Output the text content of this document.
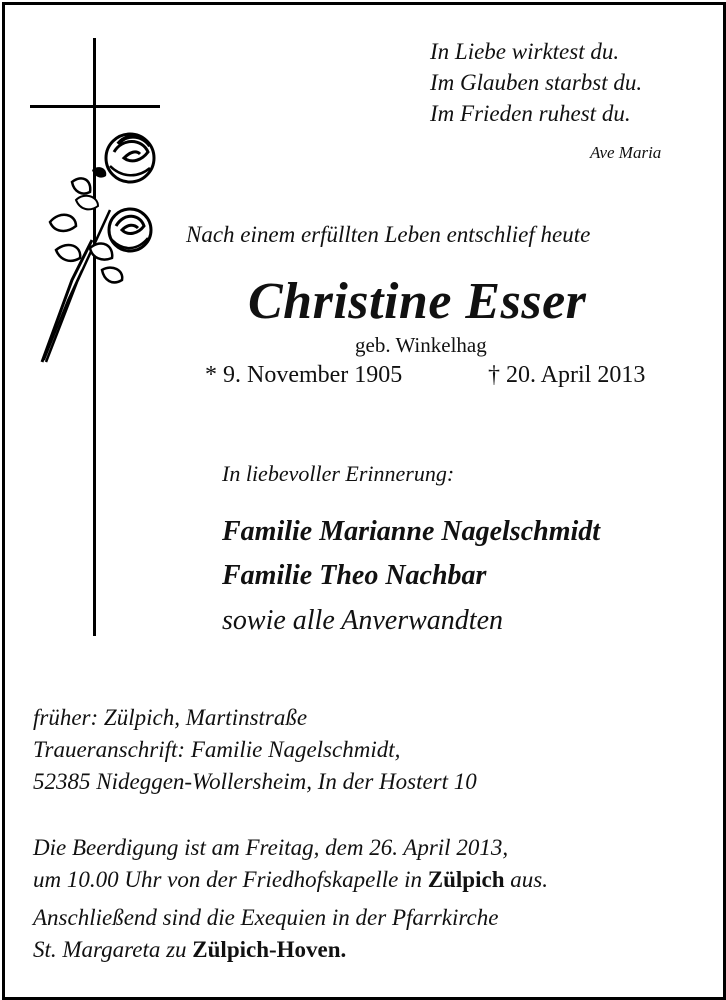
In Liebe wirktest du.
Im Glauben starbst du.
Im Frieden ruhest du.
Ave Maria
Nach einem erfüllten Leben entschlief heute
Christine Esser
geb. Winkelhag
* 9. November 1905	† 20. April 2013
In liebevoller Erinnerung:
Familie Marianne Nagelschmidt
Familie Theo Nachbar
sowie alle Anverwandten
früher: Zülpich, Martinstraße
Traueranschrift: Familie Nagelschmidt,
52385 Nideggen-Wollersheim, In der Hostert 10
Die Beerdigung ist am Freitag, dem 26. April 2013,
um 10.00 Uhr von der Friedhofskapelle in Zülpich aus.
Anschließend sind die Exequien in der Pfarrkirche
St. Margareta zu Zülpich-Hoven.
